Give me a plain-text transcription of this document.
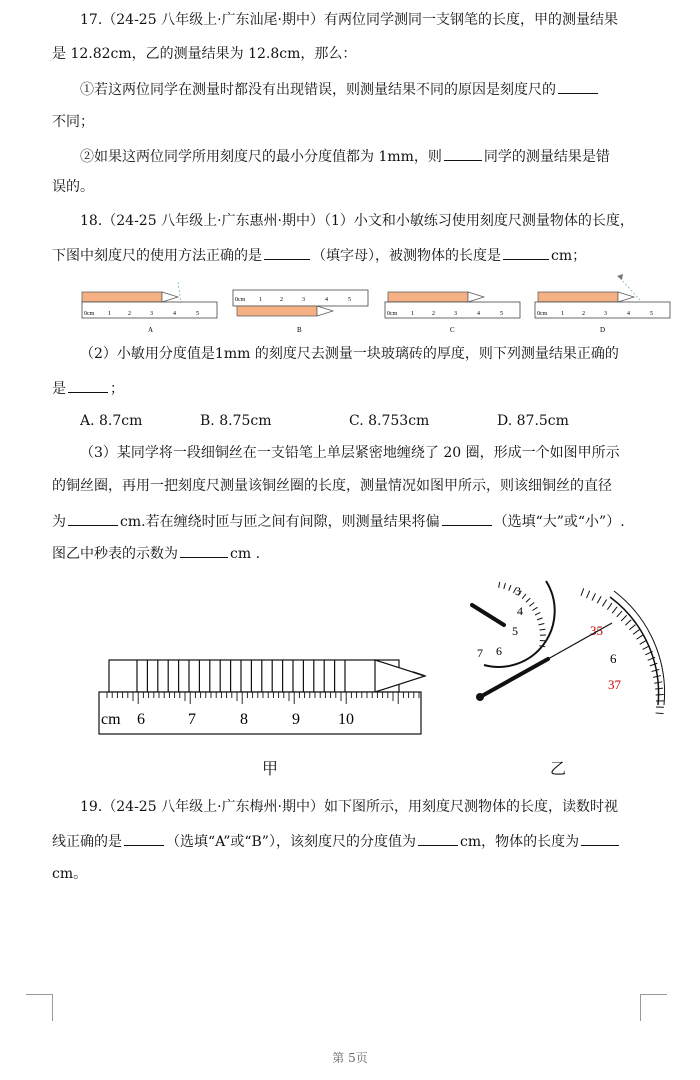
17.（24-25 八年级上·广东汕尾·期中）有两位同学测同一支钢笔的长度，甲的测量结果
是 12.82cm，乙的测量结果为 12.8cm，那么：
①若这两位同学在测量时都没有出现错误，则测量结果不同的原因是刻度尺的
不同；
②如果这两位同学所用刻度尺的最小分度值都为 1mm，则	同学的测量结果是错
误的。
18.（24-25 八年级上·广东惠州·期中）（1）小文和小敏练习使用刻度尺测量物体的长度，
下图中刻度尺的使用方法正确的是	（填字母），被测物体的长度是	cm；
0cm 1	2	3	4	5
A
0cm 1	2	3	4	5
B
0cm 1	2	3	4	5
C
0cm 1	2	3	4	5
D
（2）小敏用分度值是1mm 的刻度尺去测量一块玻璃砖的厚度，则下列测量结果正确的
是	；
A. 8.7cm	B. 8.75cm	C. 8.753cm	D. 87.5cm
（3）某同学将一段细铜丝在一支铅笔上单层紧密地缠绕了 20 圈，形成一个如图甲所示
的铜丝圈，再用一把刻度尺测量该铜丝圈的长度，测量情况如图甲所示，则该细铜丝的直径
为	cm.若在缠绕时匝与匝之间有间隙，则测量结果将偏	（选填“大”或“小”）.
图乙中秒表的示数为	cm .
cm 6	7	8	9 10
甲
3
4
5
6
7
35
6
37
乙
19.（24-25 八年级上·广东梅州·期中）如下图所示，用刻度尺测物体的长度，读数时视
线正确的是	（选填“A”或“B”），该刻度尺的分度值为	cm，物体的长度为
cm。
第 5页
